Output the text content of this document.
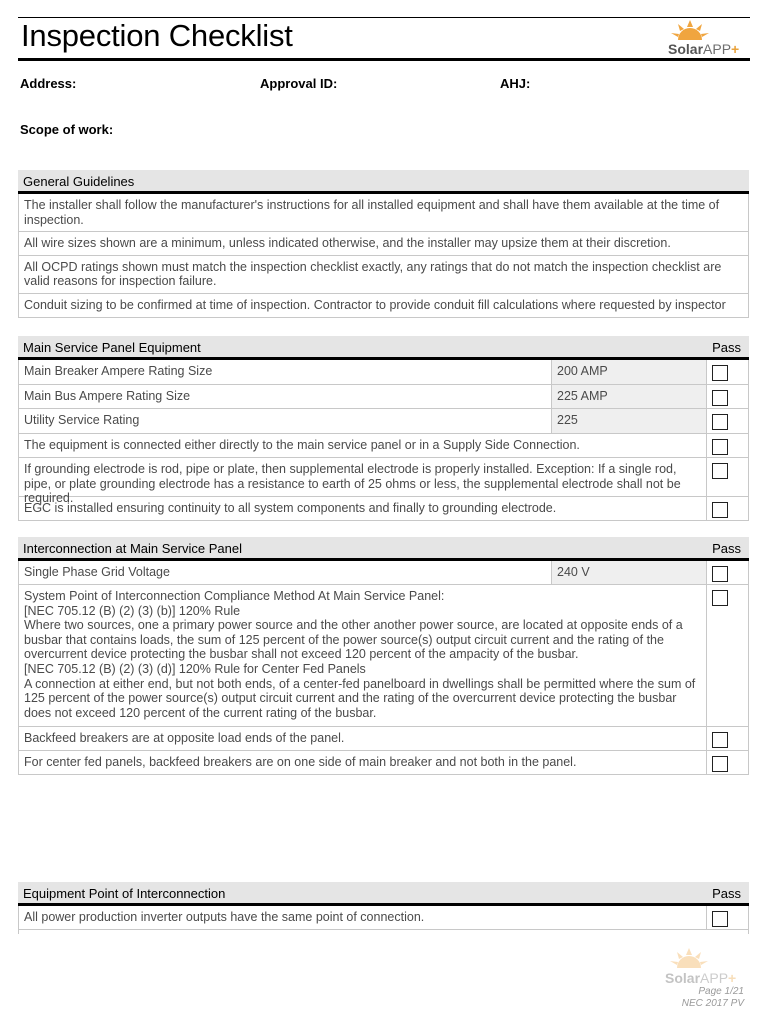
Inspection Checklist	SolarAPP+
Address:	Approval ID:	AHJ:
Scope of work:
General Guidelines
The installer shall follow the manufacturer's instructions for all installed equipment and shall have them available at the time of inspection.
All wire sizes shown are a minimum, unless indicated otherwise, and the installer may upsize them at their discretion.
All OCPD ratings shown must match the inspection checklist exactly, any ratings that do not match the inspection checklist are valid reasons for inspection failure.
Conduit sizing to be confirmed at time of inspection. Contractor to provide conduit fill calculations where requested by inspector
Main Service Panel Equipment	Pass
Main Breaker Ampere Rating Size	200 AMP
Main Bus Ampere Rating Size	225 AMP
Utility Service Rating	225
The equipment is connected either directly to the main service panel or in a Supply Side Connection.
If grounding electrode is rod, pipe or plate, then supplemental electrode is properly installed. Exception: If a single rod, pipe, or plate grounding electrode has a resistance to earth of 25 ohms or less, the supplemental electrode shall not be required.
EGC is installed ensuring continuity to all system components and finally to grounding electrode.
Interconnection at Main Service Panel	Pass
Single Phase Grid Voltage	240 V
System Point of Interconnection Compliance Method At Main Service Panel:
[NEC 705.12 (B) (2) (3) (b)] 120% Rule
Where two sources, one a primary power source and the other another power source, are located at opposite ends of a busbar that contains loads, the sum of 125 percent of the power source(s) output circuit current and the rating of the overcurrent device protecting the busbar shall not exceed 120 percent of the ampacity of the busbar.
[NEC 705.12 (B) (2) (3) (d)] 120% Rule for Center Fed Panels
A connection at either end, but not both ends, of a center-fed panelboard in dwellings shall be permitted where the sum of 125 percent of the power source(s) output circuit current and the rating of the overcurrent device protecting the busbar does not exceed 120 percent of the current rating of the busbar.
Backfeed breakers are at opposite load ends of the panel.
For center fed panels, backfeed breakers are on one side of main breaker and not both in the panel.
Equipment Point of Interconnection	Pass
All power production inverter outputs have the same point of connection.
SolarAPP+
Page 1/21
NEC 2017 PV
